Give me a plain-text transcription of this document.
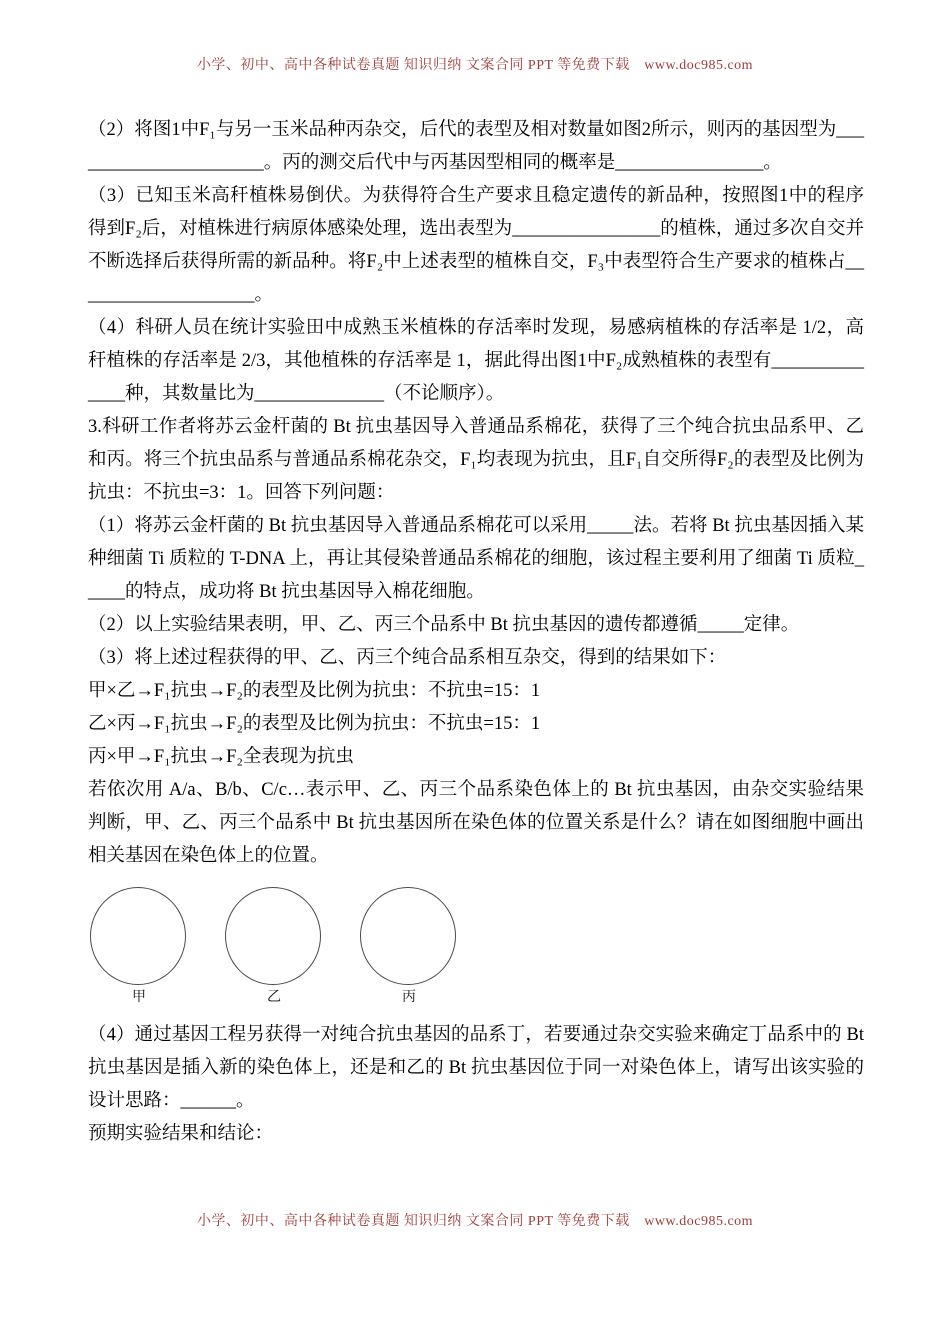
小学、初中、高中各种试卷真题 知识归纳 文案合同 PPT 等免费下载　www.doc985.com

（2）将图1中F₁与另一玉米品种丙杂交，后代的表型及相对数量如图2所示，则丙的基因型为______________________。丙的测交后代中与丙基因型相同的概率是________________。

（3）已知玉米高秆植株易倒伏。为获得符合生产要求且稳定遗传的新品种，按照图1中的程序得到F₂后，对植株进行病原体感染处理，选出表型为________________的植株，通过多次自交并不断选择后获得所需的新品种。将F₂中上述表型的植株自交，F₃中表型符合生产要求的植株占____________________。

（4）科研人员在统计实验田中成熟玉米植株的存活率时发现，易感病植株的存活率是 1/2，高秆植株的存活率是 2/3，其他植株的存活率是 1，据此得出图1中F₂成熟植株的表型有______________种，其数量比为______________（不论顺序）。

3.科研工作者将苏云金杆菌的 Bt 抗虫基因导入普通品系棉花，获得了三个纯合抗虫品系甲、乙和丙。将三个抗虫品系与普通品系棉花杂交，F₁均表现为抗虫，且F₁自交所得F₂的表型及比例为抗虫：不抗虫=3：1。回答下列问题：

（1）将苏云金杆菌的 Bt 抗虫基因导入普通品系棉花可以采用_____法。若将 Bt 抗虫基因插入某种细菌 Ti 质粒的 T-DNA 上，再让其侵染普通品系棉花的细胞，该过程主要利用了细菌 Ti 质粒_____的特点，成功将 Bt 抗虫基因导入棉花细胞。

（2）以上实验结果表明，甲、乙、丙三个品系中 Bt 抗虫基因的遗传都遵循_____定律。

（3）将上述过程获得的甲、乙、丙三个纯合品系相互杂交，得到的结果如下：

甲×乙→F₁抗虫→F₂的表型及比例为抗虫：不抗虫=15：1

乙×丙→F₁抗虫→F₂的表型及比例为抗虫：不抗虫=15：1

丙×甲→F₁抗虫→F₂全表现为抗虫

若依次用 A/a、B/b、C/c…表示甲、乙、丙三个品系染色体上的 Bt 抗虫基因，由杂交实验结果判断，甲、乙、丙三个品系中 Bt 抗虫基因所在染色体的位置关系是什么？请在如图细胞中画出相关基因在染色体上的位置。

甲	乙	丙

（4）通过基因工程另获得一对纯合抗虫基因的品系丁，若要通过杂交实验来确定丁品系中的 Bt 抗虫基因是插入新的染色体上，还是和乙的 Bt 抗虫基因位于同一对染色体上，请写出该实验的设计思路：______。

预期实验结果和结论：

小学、初中、高中各种试卷真题 知识归纳 文案合同 PPT 等免费下载　www.doc985.com
